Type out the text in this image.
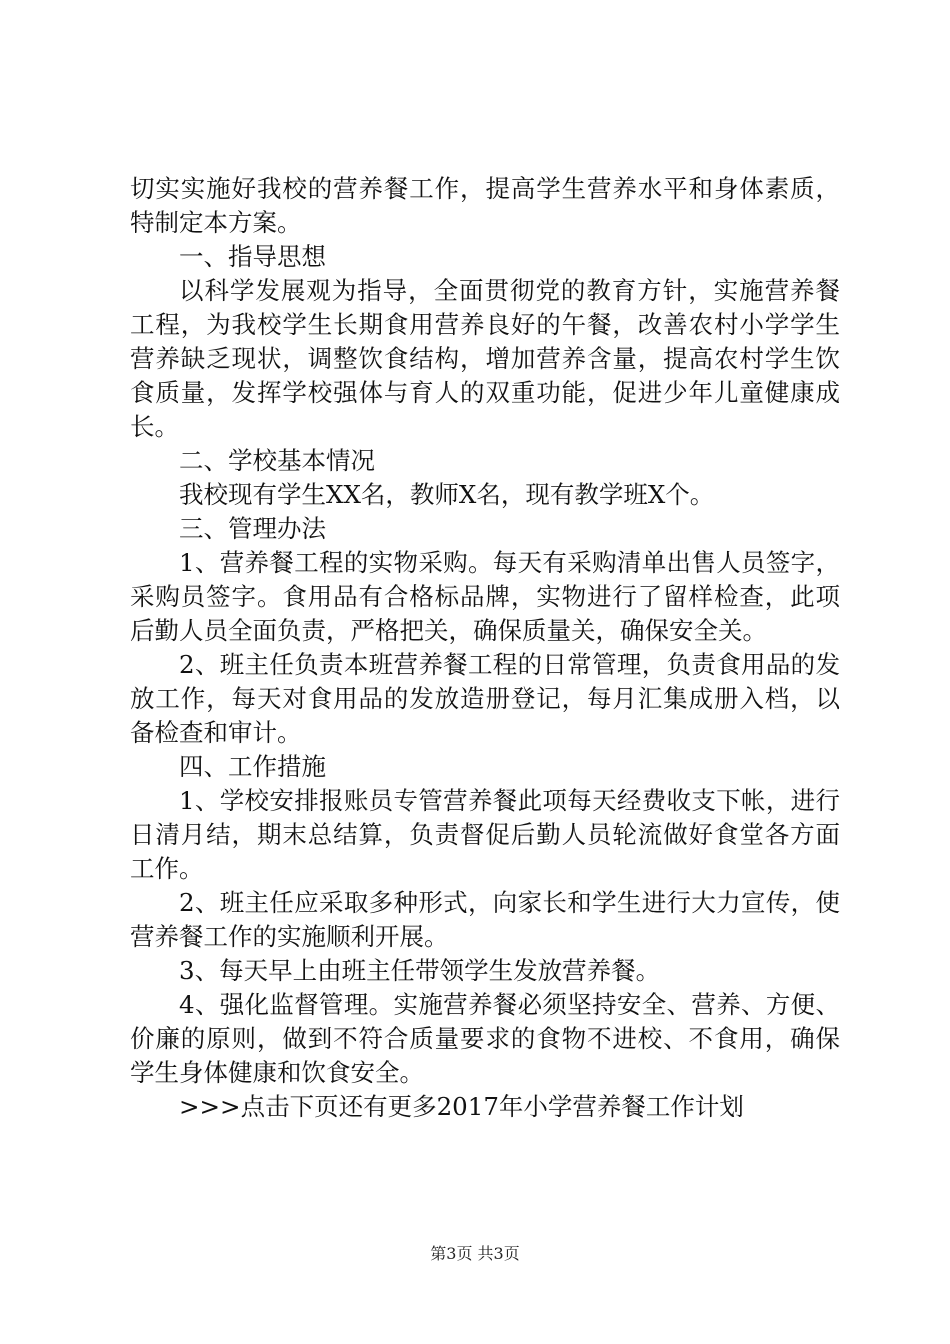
切实实施好我校的营养餐工作，提高学生营养水平和身体素质，特制定本方案。

一、指导思想

以科学发展观为指导，全面贯彻党的教育方针，实施营养餐工程，为我校学生长期食用营养良好的午餐，改善农村小学学生营养缺乏现状，调整饮食结构，增加营养含量，提高农村学生饮食质量，发挥学校强体与育人的双重功能，促进少年儿童健康成长。

二、学校基本情况

我校现有学生XX名，教师X名，现有教学班X个。

三、管理办法

1、营养餐工程的实物采购。每天有采购清单出售人员签字，采购员签字。食用品有合格标品牌，实物进行了留样检查，此项后勤人员全面负责，严格把关，确保质量关，确保安全关。

2、班主任负责本班营养餐工程的日常管理，负责食用品的发放工作，每天对食用品的发放造册登记，每月汇集成册入档，以备检查和审计。

四、工作措施

1、学校安排报账员专管营养餐此项每天经费收支下帐，进行日清月结，期末总结算，负责督促后勤人员轮流做好食堂各方面工作。

2、班主任应采取多种形式，向家长和学生进行大力宣传，使营养餐工作的实施顺利开展。

3、每天早上由班主任带领学生发放营养餐。

4、强化监督管理。实施营养餐必须坚持安全、营养、方便、价廉的原则，做到不符合质量要求的食物不进校、不食用，确保学生身体健康和饮食安全。

>>>点击下页还有更多2017年小学营养餐工作计划

第3页 共3页
